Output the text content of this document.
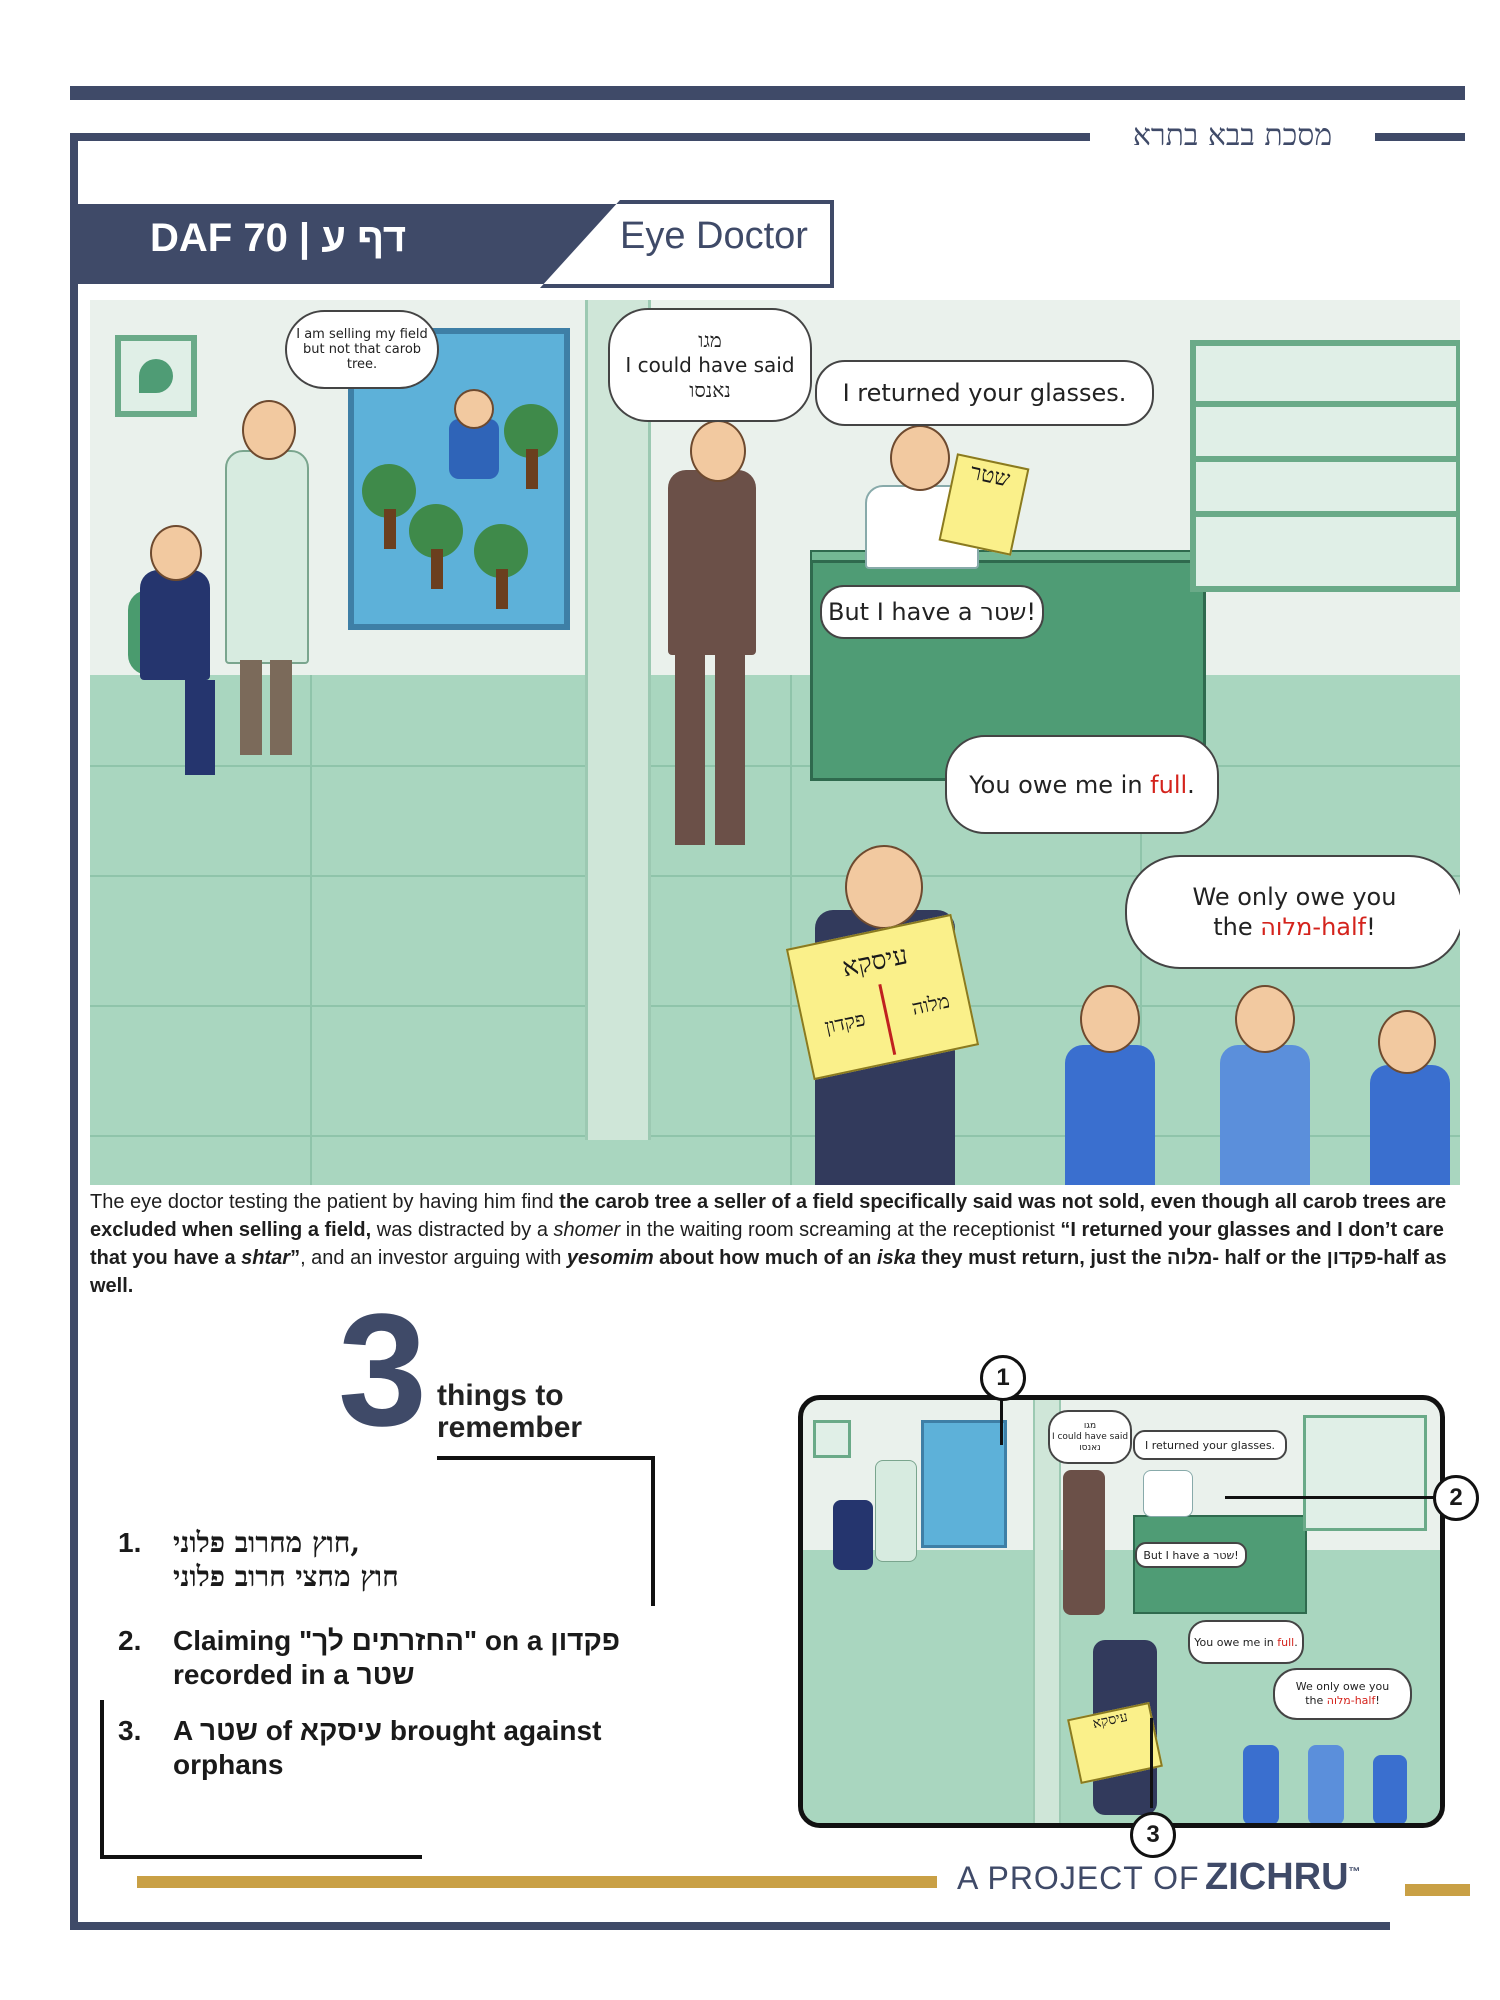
מסכת בבא בתרא
DAF 70 | דף ע	Eye Doctor
I am selling my field but not that carob tree.
שטר
עיסקא
פקדון
מלוה
מגו
I could have said
נאנסו	I returned your glasses.
But I have a שטר!
You owe me in full.
We only owe you
the מלוה-half!
The eye doctor testing the patient by having him find the carob tree a seller of a field specifically said was not sold, even though all carob trees are excluded when selling a field, was distracted by a shomer in the waiting room screaming at the receptionist “I returned your glasses and I don’t care that you have a shtar”, and an investor arguing with yesomim about how much of an iska they must return, just the מלוה- half or the פקדון-half as well.	3 things to
remember
1.	חוץ מחרוב פלוני,
חוץ מחצי חרוב פלוני
2.	Claiming "החזרתים לך" on a פקדון
recorded in a שטר
3.	A שטר of עיסקא brought against
orphans
עיסקא
מגו
I could have said
נאנסו	I returned your glasses.
But I have a שטר!
You owe me in full.
We only owe you
the מלוה-half!
1
2
3
A PROJECT OF ZICHRU™
